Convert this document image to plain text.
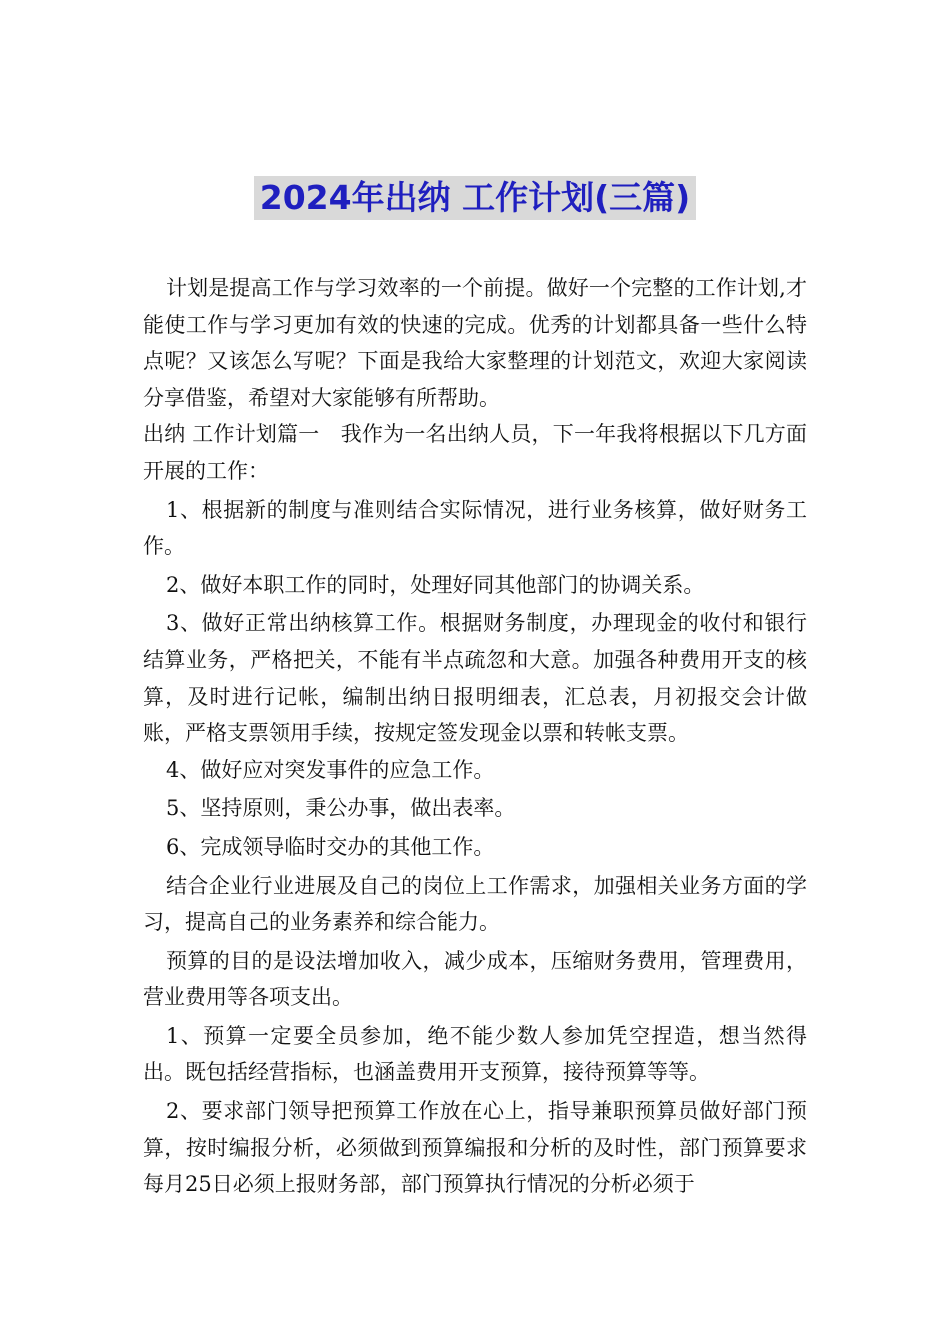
2024年出纳 工作计划(三篇)

计划是提高工作与学习效率的一个前提。做好一个完整的工作计划,才能使工作与学习更加有效的快速的完成。优秀的计划都具备一些什么特点呢？又该怎么写呢？下面是我给大家整理的计划范文，欢迎大家阅读分享借鉴，希望对大家能够有所帮助。

出纳 工作计划篇一　我作为一名出纳人员，下一年我将根据以下几方面开展的工作：

1、根据新的制度与准则结合实际情况，进行业务核算，做好财务工作。

2、做好本职工作的同时，处理好同其他部门的协调关系。

3、做好正常出纳核算工作。根据财务制度，办理现金的收付和银行结算业务，严格把关，不能有半点疏忽和大意。加强各种费用开支的核算，及时进行记帐，编制出纳日报明细表，汇总表，月初报交会计做账，严格支票领用手续，按规定签发现金以票和转帐支票。

4、做好应对突发事件的应急工作。

5、坚持原则，秉公办事，做出表率。

6、完成领导临时交办的其他工作。

结合企业行业进展及自己的岗位上工作需求，加强相关业务方面的学习，提高自己的业务素养和综合能力。

预算的目的是设法增加收入，减少成本，压缩财务费用，管理费用，营业费用等各项支出。

1、预算一定要全员参加，绝不能少数人参加凭空捏造，想当然得出。既包括经营指标，也涵盖费用开支预算，接待预算等等。

2、要求部门领导把预算工作放在心上，指导兼职预算员做好部门预算，按时编报分析，必须做到预算编报和分析的及时性，部门预算要求每月25日必须上报财务部，部门预算执行情况的分析必须于
